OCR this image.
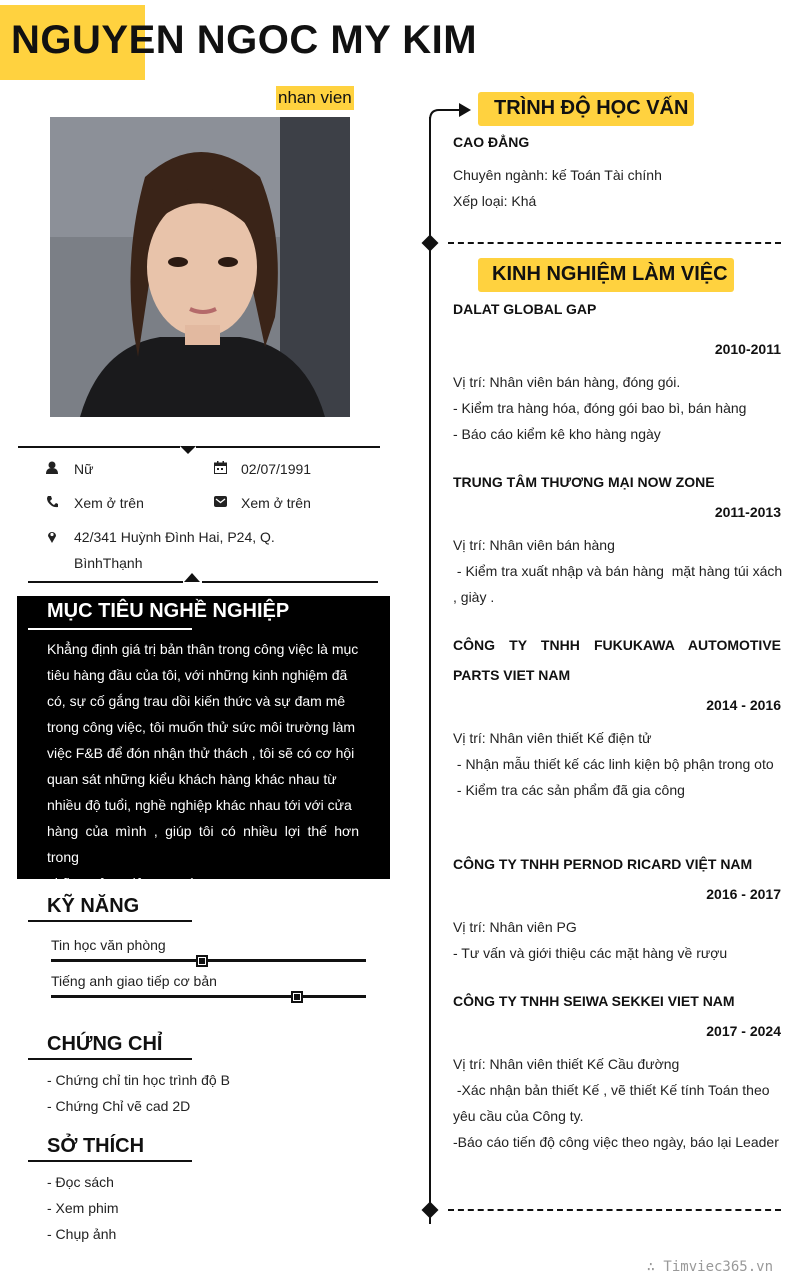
NGUYEN NGOC MY KIM
nhan vien
Nữ	02/07/1991
Xem ở trên	Xem ở trên
42/341 Huỳnh Đình Hai, P24, Q.
BìnhThạnh
MỤC TIÊU NGHỀ NGHIỆP
Khẳng định giá trị bản thân trong công việc là mục
tiêu hàng đầu của tôi, với những kinh nghiệm đã
có, sự cố gắng trau dồi kiến thức và sự đam mê
trong công việc, tôi muốn thử sức môi trường làm
việc F&B để đón nhận thử thách , tôi sẽ có cơ hội
quan sát những kiểu khách hàng khác nhau từ
nhiều độ tuổi, nghề nghiệp khác nhau tới với cửa
hàng của mình , giúp tôi có nhiều lợi thế hơn trong
những công việc sau này.
KỸ NĂNG
Tin học văn phòng
Tiếng anh giao tiếp cơ bản
CHỨNG CHỈ
- Chứng chỉ tin học trình độ B
- Chứng Chỉ vẽ cad 2D
SỞ THÍCH
- Đọc sách
- Xem phim
- Chụp ảnh
TRÌNH ĐỘ HỌC VẤN
CAO ĐẲNG
Chuyên ngành: kế Toán Tài chính
Xếp loại: Khá
KINH NGHIỆM LÀM VIỆC
DALAT GLOBAL GAP
2010-2011
Vị trí: Nhân viên bán hàng, đóng gói.
- Kiểm tra hàng hóa, đóng gói bao bì, bán hàng
- Báo cáo kiểm kê kho hàng ngày
TRUNG TÂM THƯƠNG MẠI NOW ZONE
2011-2013
Vị trí: Nhân viên bán hàng
- Kiểm tra xuất nhập và bán hàng  mặt hàng túi xách
, giày .
CÔNG TY TNHH FUKUKAWA AUTOMOTIVE
PARTS VIET NAM
2014 - 2016
Vị trí: Nhân viên thiết Kế điện tử
- Nhận mẫu thiết kế các linh kiện bộ phận trong oto
- Kiểm tra các sản phẩm đã gia công
CÔNG TY TNHH PERNOD RICARD VIỆT NAM
2016 - 2017
Vị trí: Nhân viên PG
- Tư vấn và giới thiệu các mặt hàng về rượu
CÔNG TY TNHH SEIWA SEKKEI VIET NAM
2017 - 2024
Vị trí: Nhân viên thiết Kế Cầu đường
-Xác nhận bản thiết Kế , vẽ thiết Kế tính Toán theo
yêu cầu của Công ty.
-Báo cáo tiến độ công việc theo ngày, báo lại Leader
∴ Timviec365.vn
